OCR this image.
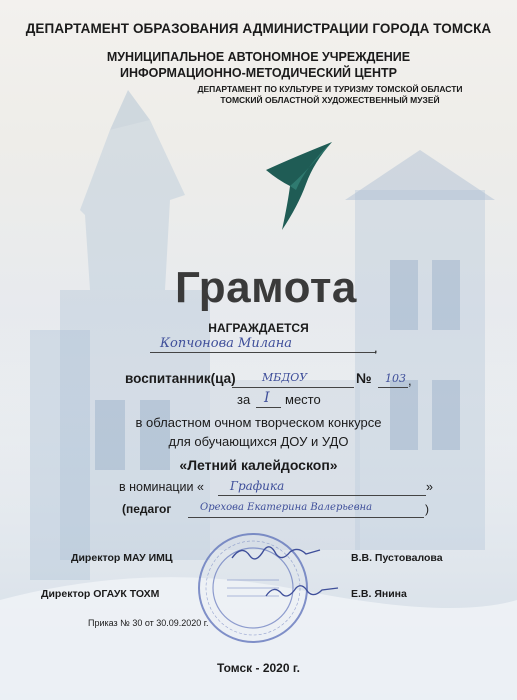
ДЕПАРТАМЕНТ ОБРАЗОВАНИЯ АДМИНИСТРАЦИИ ГОРОДА ТОМСКА
МУНИЦИПАЛЬНОЕ АВТОНОМНОЕ УЧРЕЖДЕНИЕ
ИНФОРМАЦИОННО-МЕТОДИЧЕСКИЙ ЦЕНТР
ДЕПАРТАМЕНТ ПО КУЛЬТУРЕ И ТУРИЗМУ ТОМСКОЙ ОБЛАСТИ
ТОМСКИЙ ОБЛАСТНОЙ ХУДОЖЕСТВЕННЫЙ МУЗЕЙ
Грамота
НАГРАЖДАЕТСЯ
Копчонова Милана	,
воспитанник(ца) МБДОУ	№ 103 ,
за I место
в областном очном творческом конкурсе
для обучающихся ДОУ и УДО
«Летний калейдоскоп»
в номинации « Графика	»
(педагог	Орехова Екатерина Валерьевна	)
Директор МАУ ИМЦ	В.В. Пустовалова
Директор ОГАУК ТОХМ	Е.В. Янина
Приказ № 30 от 30.09.2020 г.
Томск - 2020 г.
